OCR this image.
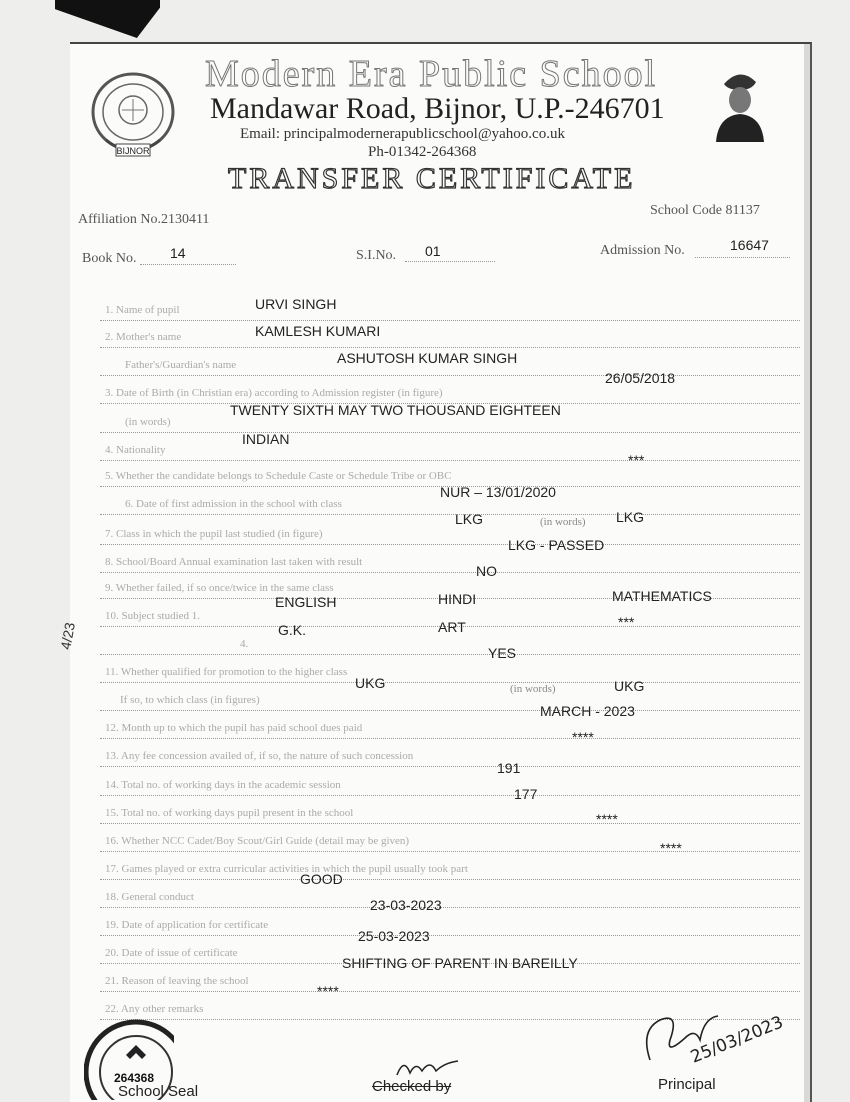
BIJNOR
Modern Era Public School
Mandawar Road, Bijnor, U.P.-246701
Email: principalmodernerapublicschool@yahoo.co.uk
Ph-01342-264368
TRANSFER CERTIFICATE
Affiliation No.2130411
School Code 81137
Book No. 14	S.I.No. 01	Admission No.	16647
1. Name of pupil	URVI SINGH
2. Mother's name	KAMLESH KUMARI
Father's/Guardian's name	ASHUTOSH KUMAR SINGH
3. Date of Birth (in Christian era) according to Admission register (in figure)
26/05/2018
(in words)
TWENTY SIXTH MAY TWO THOUSAND EIGHTEEN
4. Nationality
INDIAN
5. Whether the candidate belongs to Schedule Caste or Schedule Tribe or OBC
***
6. Date of first admission in the school with class
NUR – 13/01/2020
7. Class in which the pupil last studied (in figure)
LKG	(in words) LKG
8. School/Board Annual examination last taken with result
LKG - PASSED
9. Whether failed, if so once/twice in the same class
NO
10. Subject studied 1.
ENGLISH	HINDI	MATHEMATICS
4.
G.K.	ART	***
11. Whether qualified for promotion to the higher class
YES
If so, to which class (in figures)
UKG	(in words)	UKG
12. Month up to which the pupil has paid school dues paid
MARCH - 2023
13. Any fee concession availed of, if so, the nature of such concession
****
14. Total no. of working days in the academic session
191
15. Total no. of working days pupil present in the school
177
16. Whether NCC Cadet/Boy Scout/Girl Guide (detail may be given)
****
17. Games played or extra curricular activities in which the pupil usually took part
****
18. General conduct
GOOD
19. Date of application for certificate
23-03-2023
20. Date of issue of certificate
25-03-2023
21. Reason of leaving the school
SHIFTING OF PARENT IN BAREILLY
22. Any other remarks
****
4/23
264368
School Seal	Checked by
25/03/2023
Principal
